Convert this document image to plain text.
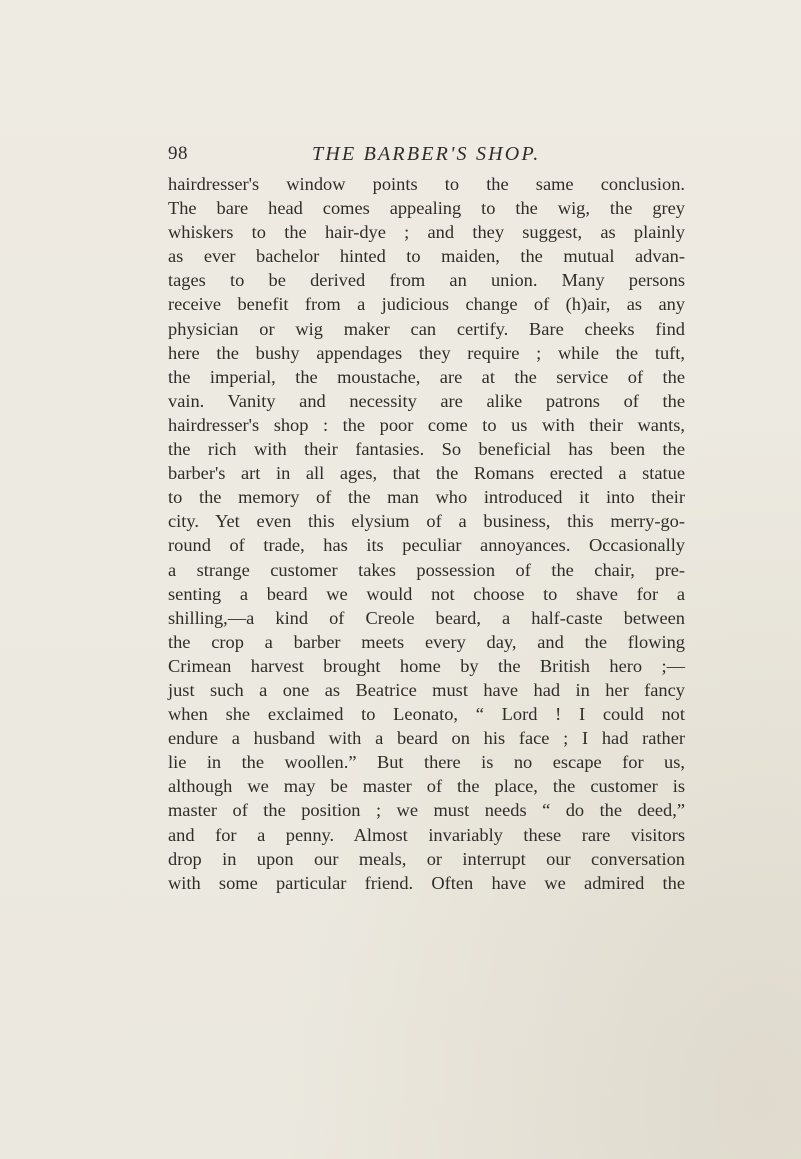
98	THE BARBER'S SHOP.
hairdresser's window points to the same conclusion.
The bare head comes appealing to the wig, the grey
whiskers to the hair-dye ; and they suggest, as plainly
as ever bachelor hinted to maiden, the mutual advan-
tages to be derived from an union. Many persons
receive benefit from a judicious change of (h)air, as any
physician or wig maker can certify. Bare cheeks find
here the bushy appendages they require ; while the tuft,
the imperial, the moustache, are at the service of the
vain. Vanity and necessity are alike patrons of the
hairdresser's shop : the poor come to us with their wants,
the rich with their fantasies. So beneficial has been the
barber's art in all ages, that the Romans erected a statue
to the memory of the man who introduced it into their
city. Yet even this elysium of a business, this merry-go-
round of trade, has its peculiar annoyances. Occasionally
a strange customer takes possession of the chair, pre-
senting a beard we would not choose to shave for a
shilling,—a kind of Creole beard, a half-caste between
the crop a barber meets every day, and the flowing
Crimean harvest brought home by the British hero ;—
just such a one as Beatrice must have had in her fancy
when she exclaimed to Leonato, “ Lord ! I could not
endure a husband with a beard on his face ; I had rather
lie in the woollen.” But there is no escape for us,
although we may be master of the place, the customer is
master of the position ; we must needs “ do the deed,”
and for a penny. Almost invariably these rare visitors
drop in upon our meals, or interrupt our conversation
with some particular friend. Often have we admired the
